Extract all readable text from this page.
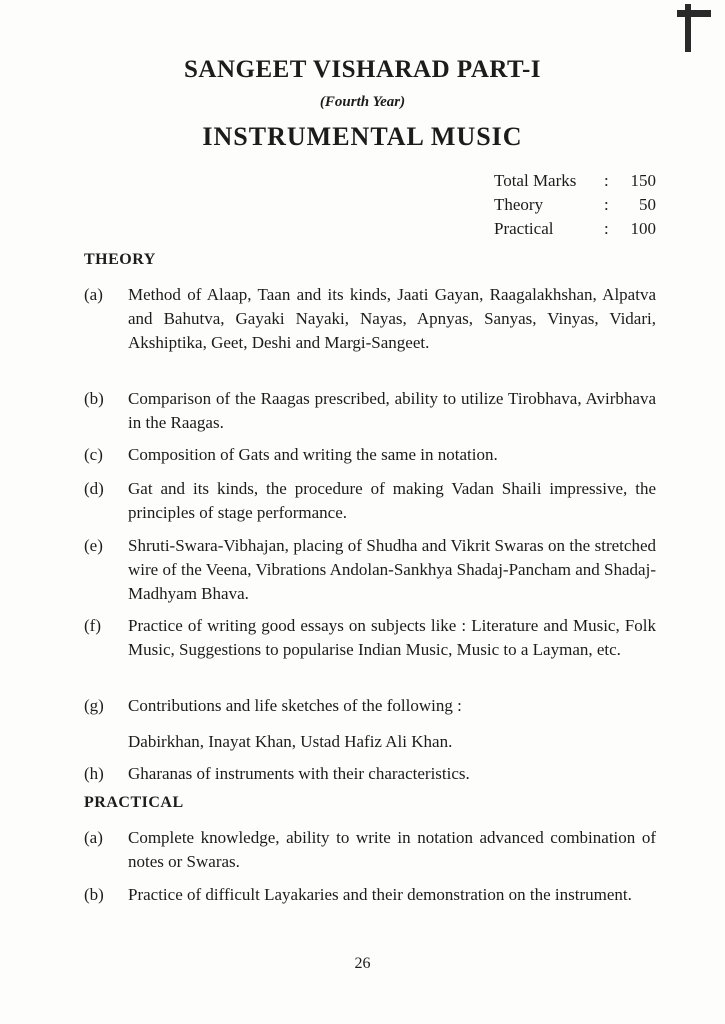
SANGEET VISHARAD PART-I
(Fourth Year)
INSTRUMENTAL MUSIC
Total Marks	:	150
Theory	:	50
Practical	:	100
THEORY
(a)	Method of Alaap, Taan and its kinds, Jaati Gayan, Raagalakhshan, Alpatva and Bahutva, Gayaki Nayaki, Nayas, Apnyas, Sanyas, Vinyas, Vidari, Akshiptika, Geet, Deshi and Margi-Sangeet.
(b)	Comparison of the Raagas prescribed, ability to utilize Tirobhava, Avirbhava in the Raagas.
(c)	Composition of Gats and writing the same in notation.
(d)	Gat and its kinds, the procedure of making Vadan Shaili impressive, the principles of stage performance.
(e)	Shruti-Swara-Vibhajan, placing of Shudha and Vikrit Swaras on the stretched wire of the Veena, Vibrations Andolan-Sankhya Shadaj-Pancham and Shadaj-Madhyam Bhava.
(f)	Practice of writing good essays on subjects like : Literature and Music, Folk Music, Suggestions to popularise Indian Music, Music to a Layman, etc.
(g)	Contributions and life sketches of the following :
Dabirkhan, Inayat Khan, Ustad Hafiz Ali Khan.
(h)	Gharanas of instruments with their characteristics.
PRACTICAL
(a)	Complete knowledge, ability to write in notation advanced combination of notes or Swaras.
(b)	Practice of difficult Layakaries and their demonstration on the instrument.
26
